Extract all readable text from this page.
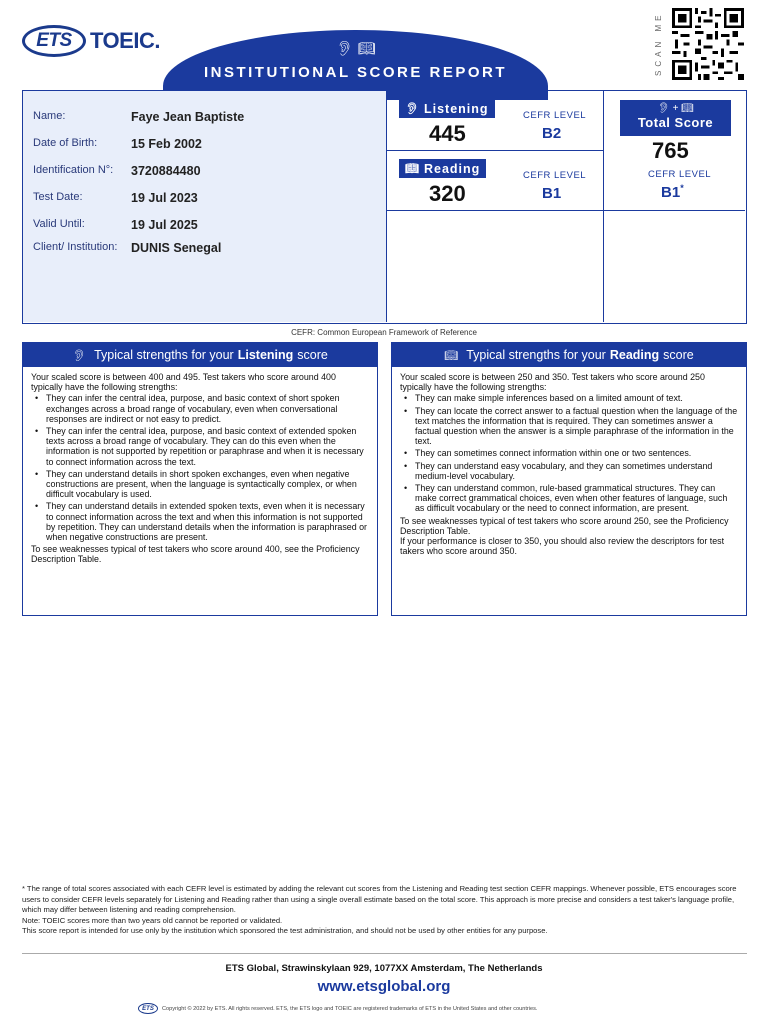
ETS TOEIC.	👂︎ 📖︎
INSTITUTIONAL SCORE REPORT	SCAN ME
Name:	Faye Jean Baptiste
Date of Birth:	15 Feb 2002
Identification N°:	3720884480
Test Date:	19 Jul 2023
Valid Until:	19 Jul 2025
Client/ Institution:	DUNIS Senegal
👂︎ Listening
445
CEFR LEVEL
B2
📖︎ Reading
320
CEFR LEVEL
B1
👂︎ + 📖︎
Total Score
765
CEFR LEVEL
B1*
CEFR: Common European Framework of Reference
👂︎ Typical strengths for your Listening score

Your scaled score is between 400 and 495. Test takers who score around 400 typically have the following strengths:

• They can infer the central idea, purpose, and basic context of short spoken exchanges across a broad range of vocabulary, even when conversational responses are indirect or not easy to predict.
• They can infer the central idea, purpose, and basic context of extended spoken texts across a broad range of vocabulary. They can do this even when the information is not supported by repetition or paraphrase and when it is necessary to connect information across the text.
• They can understand details in short spoken exchanges, even when negative constructions are present, when the language is syntactically complex, or when difficult vocabulary is used.
• They can understand details in extended spoken texts, even when it is necessary to connect information across the text and when this information is not supported by repetition. They can understand details when the information is paraphrased or when negative constructions are present.

To see weaknesses typical of test takers who score around 400, see the Proficiency Description Table.

📖︎ Typical strengths for your Reading score

Your scaled score is between 250 and 350. Test takers who score around 250 typically have the following strengths:

• They can make simple inferences based on a limited amount of text.
• They can locate the correct answer to a factual question when the language of the text matches the information that is required. They can sometimes answer a factual question when the answer is a simple paraphrase of the information in the text.
• They can sometimes connect information within one or two sentences.
• They can understand easy vocabulary, and they can sometimes understand medium-level vocabulary.
• They can understand common, rule-based grammatical structures. They can make correct grammatical choices, even when other features of language, such as difficult vocabulary or the need to connect information, are present.

To see weaknesses typical of test takers who score around 250, see the Proficiency Description Table.

If your performance is closer to 350, you should also review the descriptors for test takers who score around 350.

* The range of total scores associated with each CEFR level is estimated by adding the relevant cut scores from the Listening and Reading test section CEFR mappings. Whenever possible, ETS encourages score users to consider CEFR levels separately for Listening and Reading rather than using a single overall estimate based on the total score. This approach is more precise and considers a test taker's language profile, which may differ between listening and reading comprehension.

Note: TOEIC scores more than two years old cannot be reported or validated.

This score report is intended for use only by the institution which sponsored the test administration, and should not be used by other entities for any purpose.

ETS Global, Strawinskylaan 929, 1077XX Amsterdam, The Netherlands
www.etsglobal.org
ETS	Copyright © 2022 by ETS. All rights reserved. ETS, the ETS logo and TOEIC are registered trademarks of ETS in the United States and other countries.
